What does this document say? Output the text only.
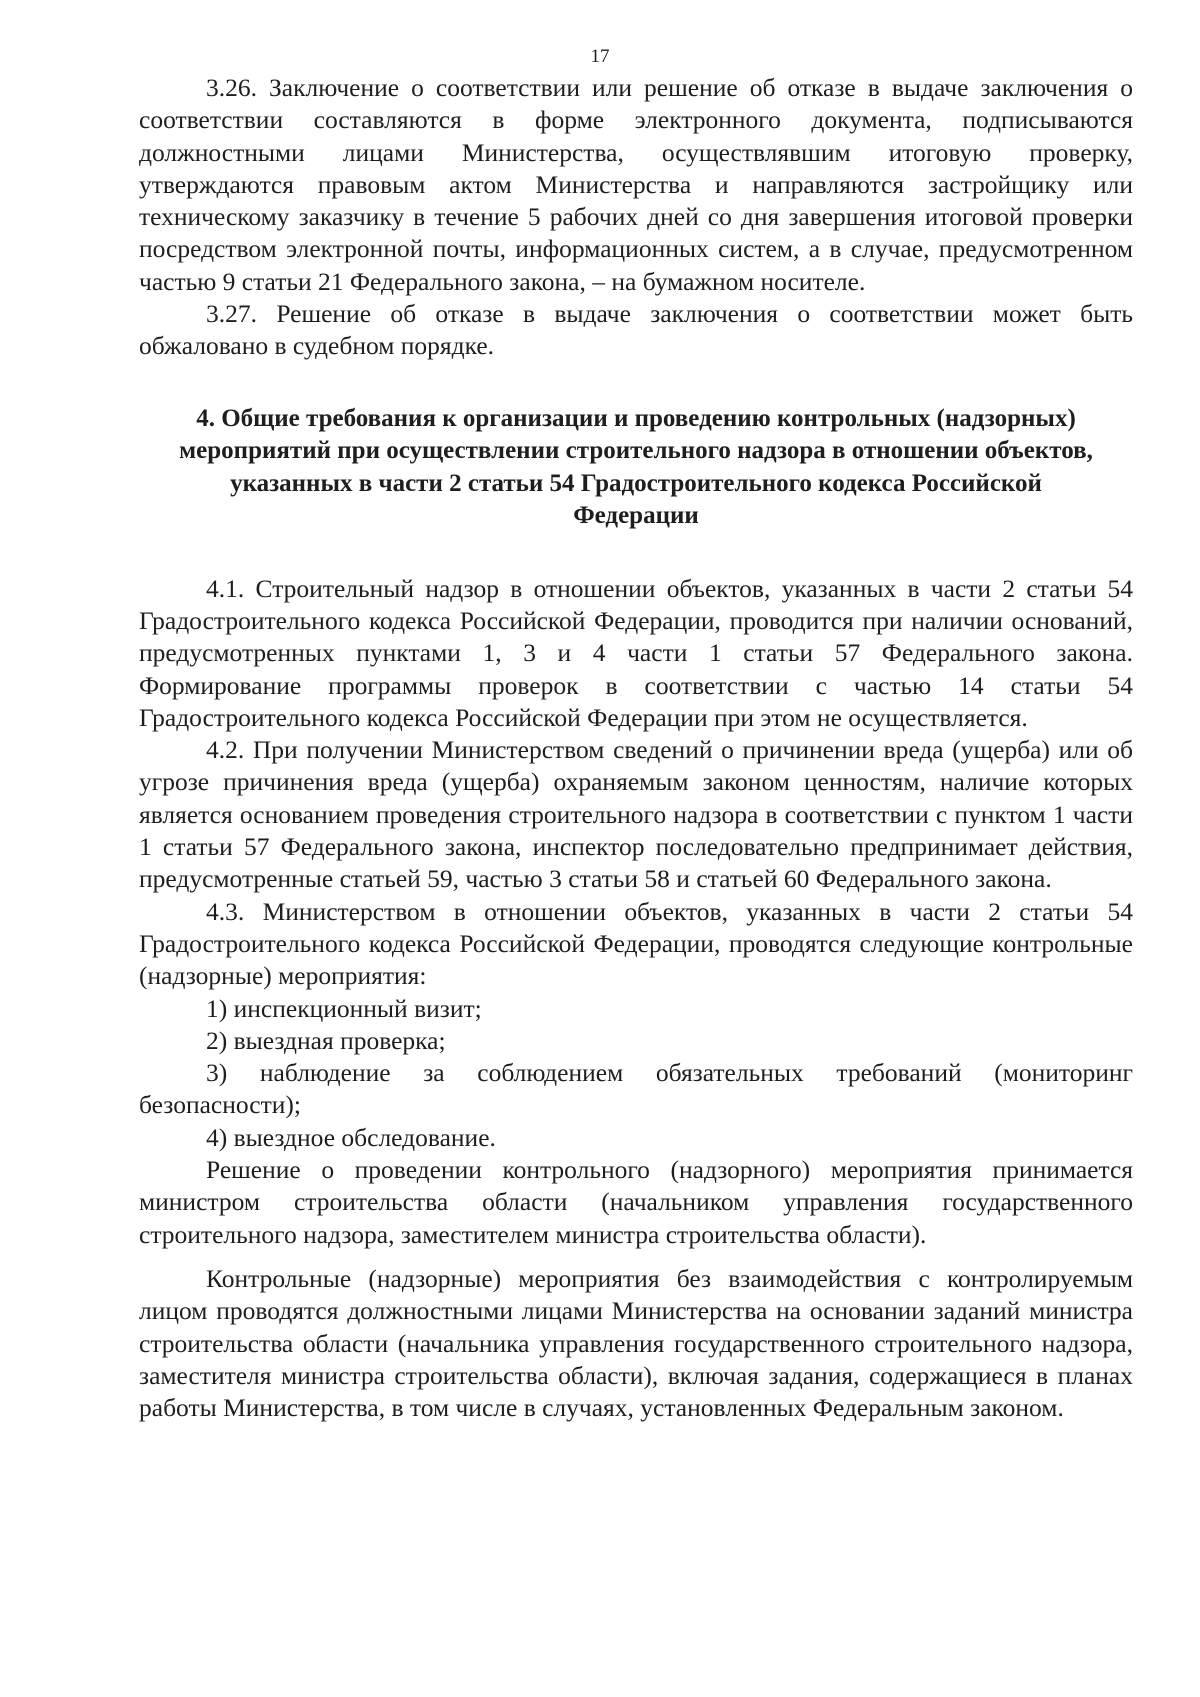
17

3.26. Заключение о соответствии или решение об отказе в выдаче заключения о соответствии составляются в форме электронного документа, подписываются должностными лицами Министерства, осуществлявшим итоговую проверку, утверждаются правовым актом Министерства и направляются застройщику или техническому заказчику в течение 5 рабочих дней со дня завершения итоговой проверки посредством электронной почты, информационных систем, а в случае, предусмотренном частью 9 статьи 21 Федерального закона, – на бумажном носителе.

3.27. Решение об отказе в выдаче заключения о соответствии может быть обжаловано в судебном порядке.

4. Общие требования к организации и проведению контрольных (надзорных) мероприятий при осуществлении строительного надзора в отношении объектов, указанных в части 2 статьи 54 Градостроительного кодекса Российской Федерации

4.1. Строительный надзор в отношении объектов, указанных в части 2 статьи 54 Градостроительного кодекса Российской Федерации, проводится при наличии оснований, предусмотренных пунктами 1, 3 и 4 части 1 статьи 57 Федерального закона. Формирование программы проверок в соответствии с частью 14 статьи 54 Градостроительного кодекса Российской Федерации при этом не осуществляется.

4.2. При получении Министерством сведений о причинении вреда (ущерба) или об угрозе причинения вреда (ущерба) охраняемым законом ценностям, наличие которых является основанием проведения строительного надзора в соответствии с пунктом 1 части 1 статьи 57 Федерального закона, инспектор последовательно предпринимает действия, предусмотренные статьей 59, частью 3 статьи 58 и статьей 60 Федерального закона.

4.3. Министерством в отношении объектов, указанных в части 2 статьи 54 Градостроительного кодекса Российской Федерации, проводятся следующие контрольные (надзорные) мероприятия:

1) инспекционный визит;

2) выездная проверка;

3) наблюдение за соблюдением обязательных требований (мониторинг безопасности);

4) выездное обследование.

Решение о проведении контрольного (надзорного) мероприятия принимается министром строительства области (начальником управления государственного строительного надзора, заместителем министра строительства области).

Контрольные (надзорные) мероприятия без взаимодействия с контролируемым лицом проводятся должностными лицами Министерства на основании заданий министра строительства области (начальника управления государственного строительного надзора, заместителя министра строительства области), включая задания, содержащиеся в планах работы Министерства, в том числе в случаях, установленных Федеральным законом.
